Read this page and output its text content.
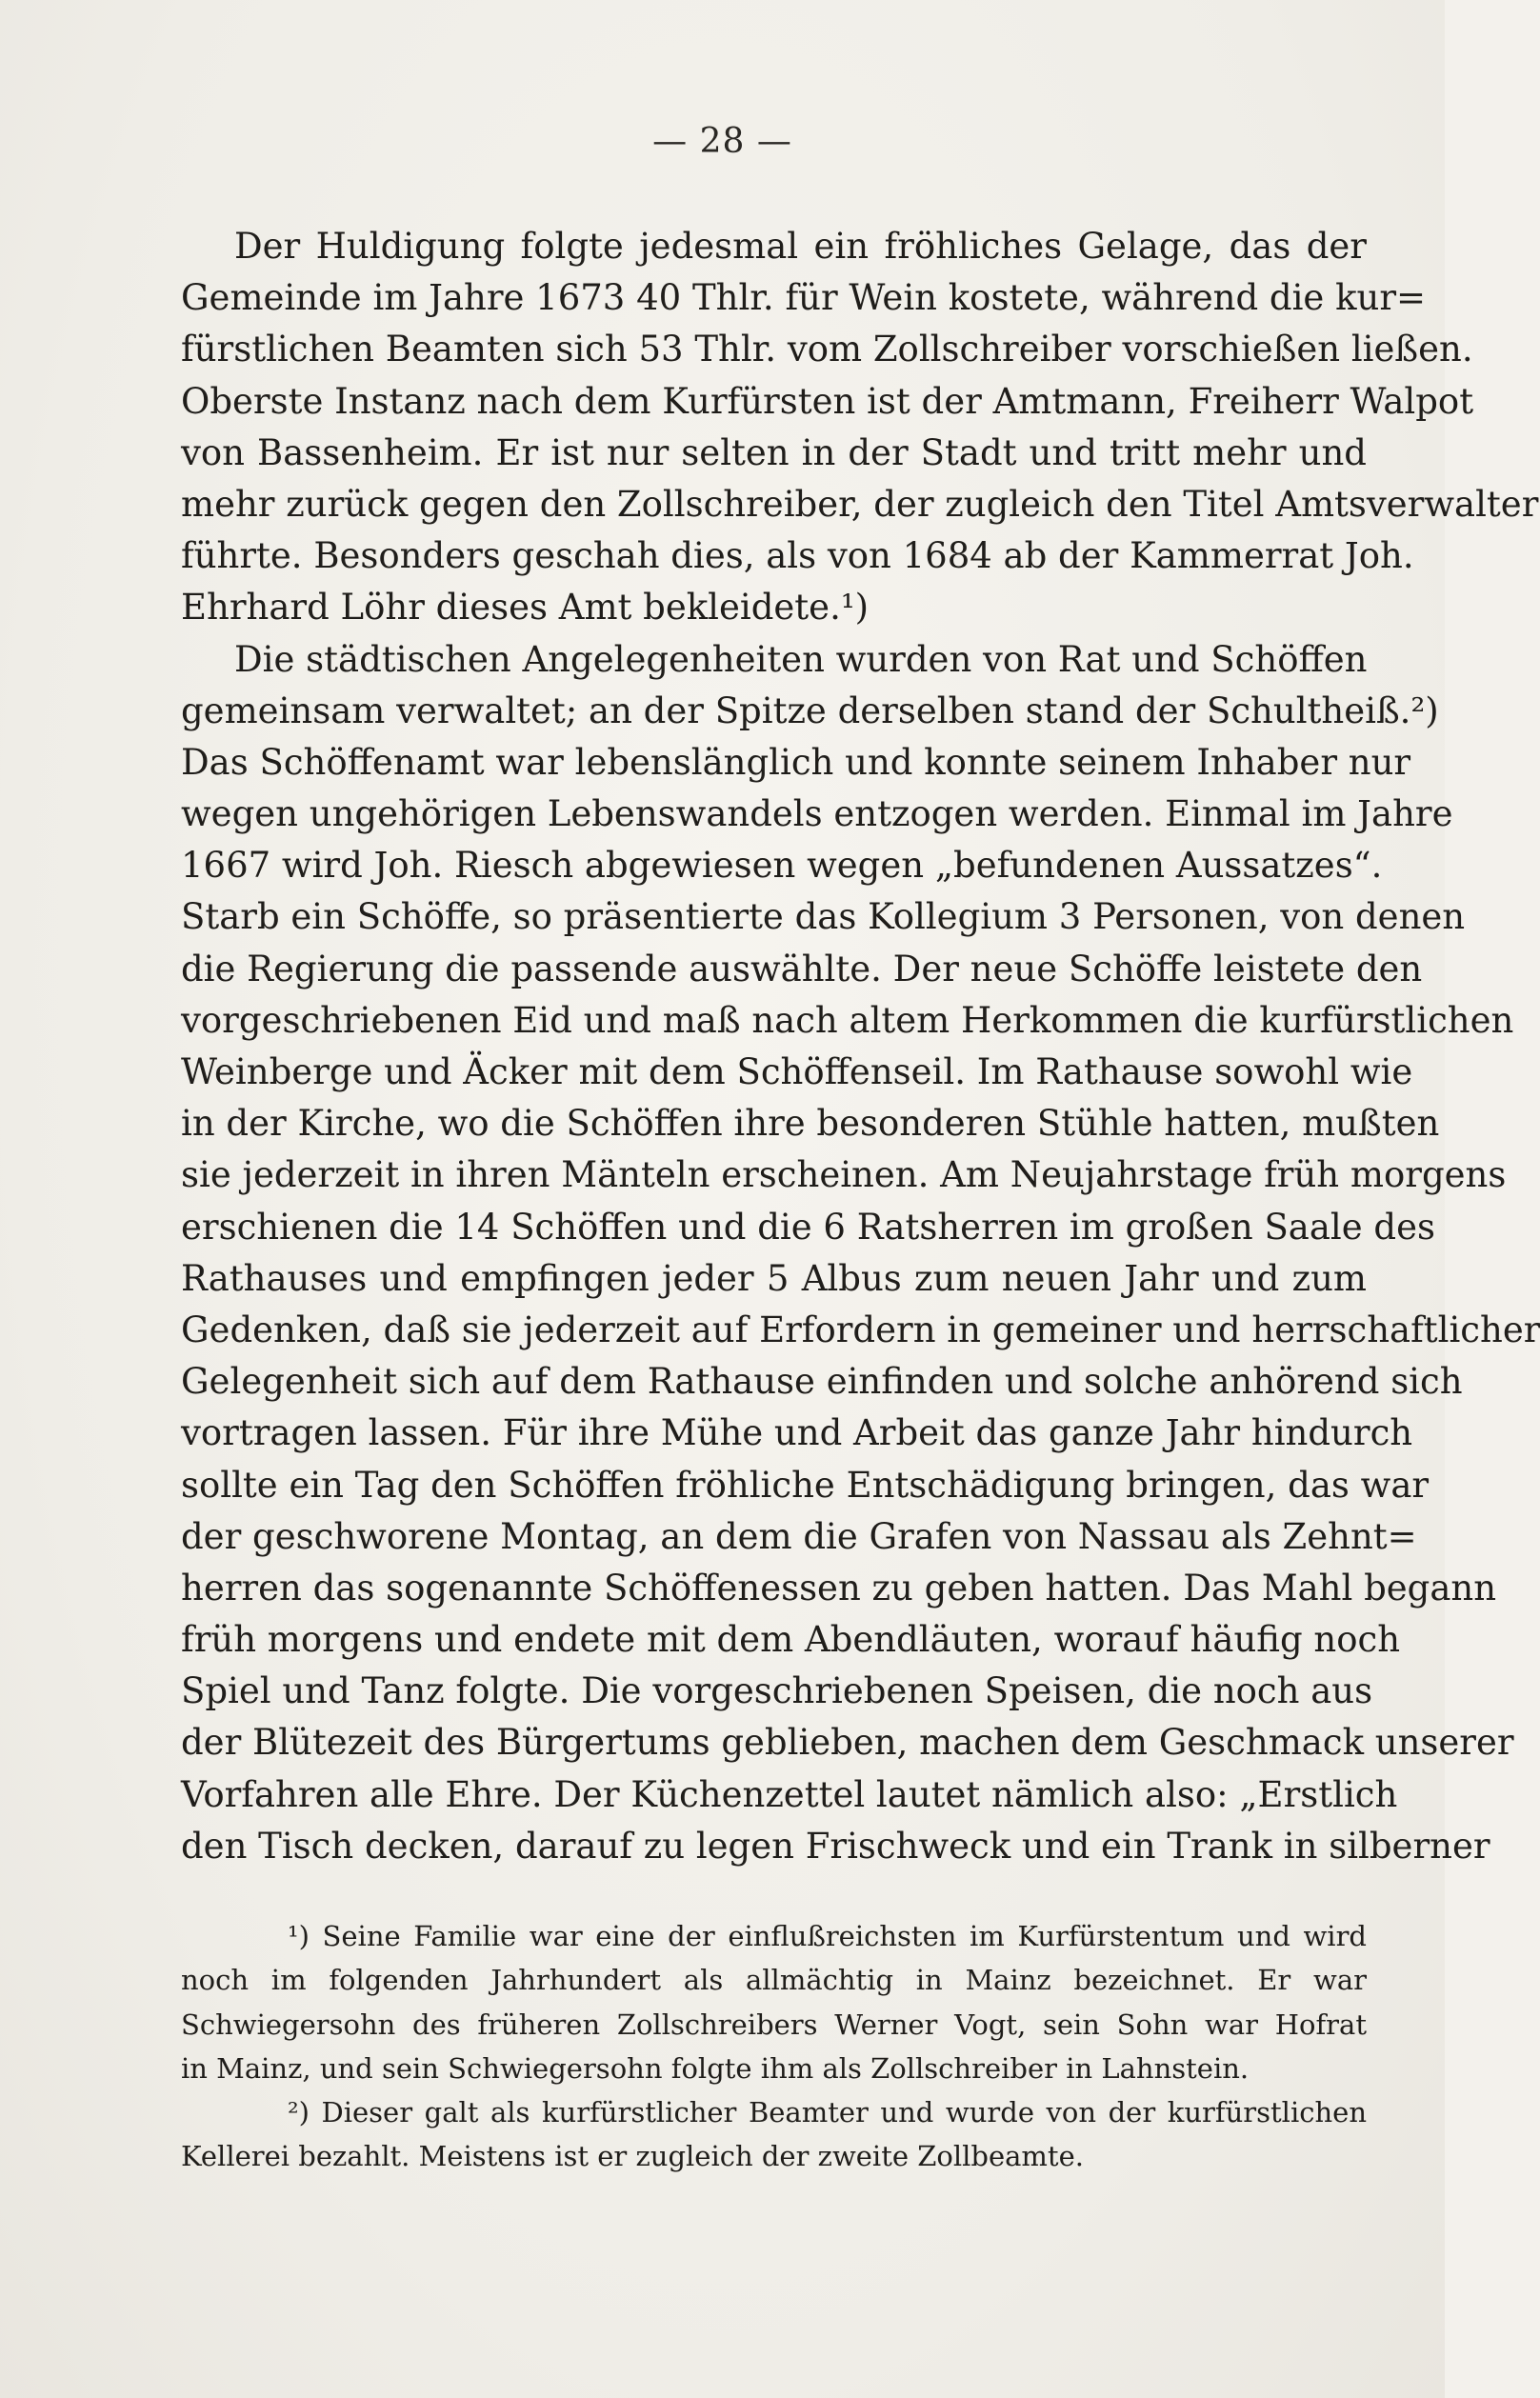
— 28 —
Der Huldigung folgte jedesmal ein fröhliches Gelage, das der
Gemeinde im Jahre 1673 40 Thlr. für Wein kostete, während die kur=
fürstlichen Beamten sich 53 Thlr. vom Zollschreiber vorschießen ließen.
Oberste Instanz nach dem Kurfürsten ist der Amtmann, Freiherr Walpot
von Bassenheim. Er ist nur selten in der Stadt und tritt mehr und
mehr zurück gegen den Zollschreiber, der zugleich den Titel Amtsverwalter
führte. Besonders geschah dies, als von 1684 ab der Kammerrat Joh.
Ehrhard Löhr dieses Amt bekleidete.¹)
Die städtischen Angelegenheiten wurden von Rat und Schöffen
gemeinsam verwaltet; an der Spitze derselben stand der Schultheiß.²)
Das Schöffenamt war lebenslänglich und konnte seinem Inhaber nur
wegen ungehörigen Lebenswandels entzogen werden. Einmal im Jahre
1667 wird Joh. Riesch abgewiesen wegen „befundenen Aussatzes“.
Starb ein Schöffe, so präsentierte das Kollegium 3 Personen, von denen
die Regierung die passende auswählte. Der neue Schöffe leistete den
vorgeschriebenen Eid und maß nach altem Herkommen die kurfürstlichen
Weinberge und Äcker mit dem Schöffenseil. Im Rathause sowohl wie
in der Kirche, wo die Schöffen ihre besonderen Stühle hatten, mußten
sie jederzeit in ihren Mänteln erscheinen. Am Neujahrstage früh morgens
erschienen die 14 Schöffen und die 6 Ratsherren im großen Saale des
Rathauses und empfingen jeder 5 Albus zum neuen Jahr und zum
Gedenken, daß sie jederzeit auf Erfordern in gemeiner und herrschaftlicher
Gelegenheit sich auf dem Rathause einfinden und solche anhörend sich
vortragen lassen. Für ihre Mühe und Arbeit das ganze Jahr hindurch
sollte ein Tag den Schöffen fröhliche Entschädigung bringen, das war
der geschworene Montag, an dem die Grafen von Nassau als Zehnt=
herren das sogenannte Schöffenessen zu geben hatten. Das Mahl begann
früh morgens und endete mit dem Abendläuten, worauf häufig noch
Spiel und Tanz folgte. Die vorgeschriebenen Speisen, die noch aus
der Blütezeit des Bürgertums geblieben, machen dem Geschmack unserer
Vorfahren alle Ehre. Der Küchenzettel lautet nämlich also: „Erstlich
den Tisch decken, darauf zu legen Frischweck und ein Trank in silberner
¹) Seine Familie war eine der einflußreichsten im Kurfürstentum und wird
noch im folgenden Jahrhundert als allmächtig in Mainz bezeichnet. Er war
Schwiegersohn des früheren Zollschreibers Werner Vogt, sein Sohn war Hofrat
in Mainz, und sein Schwiegersohn folgte ihm als Zollschreiber in Lahnstein.
²) Dieser galt als kurfürstlicher Beamter und wurde von der kurfürstlichen
Kellerei bezahlt. Meistens ist er zugleich der zweite Zollbeamte.
